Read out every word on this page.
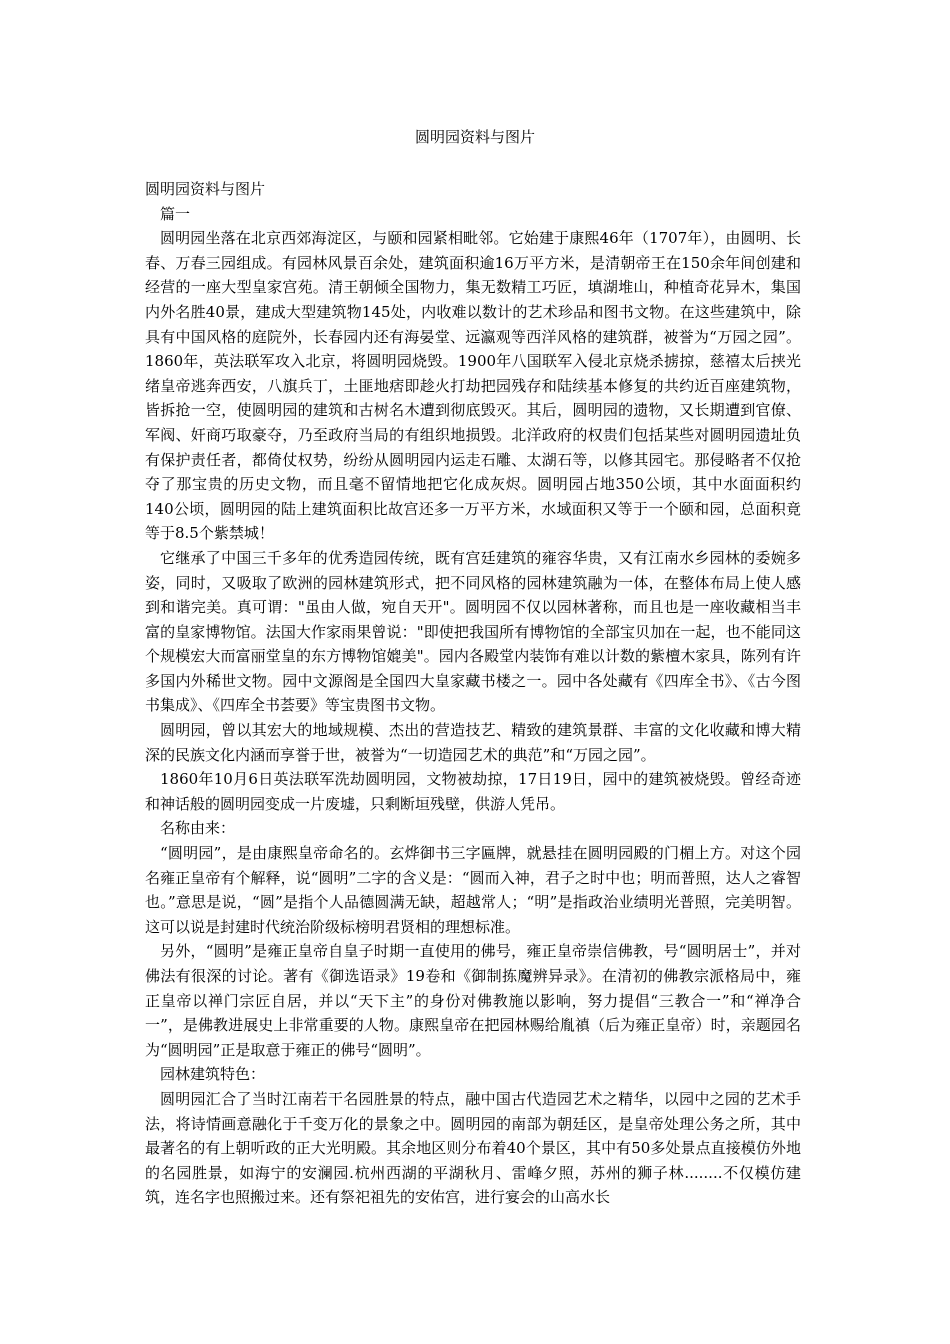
圆明园资料与图片

圆明园资料与图片

篇一

圆明园坐落在北京西郊海淀区，与颐和园紧相毗邻。它始建于康熙46年（1707年），由圆明、长春、万春三园组成。有园林风景百余处，建筑面积逾16万平方米，是清朝帝王在150余年间创建和经营的一座大型皇家宫苑。清王朝倾全国物力，集无数精工巧匠，填湖堆山，种植奇花异木，集国内外名胜40景，建成大型建筑物145处，内收难以数计的艺术珍品和图书文物。在这些建筑中，除具有中国风格的庭院外，长春园内还有海晏堂、远瀛观等西洋风格的建筑群，被誉为“万园之园”。1860年，英法联军攻入北京，将圆明园烧毁。1900年八国联军入侵北京烧杀掳掠，慈禧太后挟光绪皇帝逃奔西安，八旗兵丁，土匪地痞即趁火打劫把园残存和陆续基本修复的共约近百座建筑物，皆拆抢一空，使圆明园的建筑和古树名木遭到彻底毁灭。其后，圆明园的遗物，又长期遭到官僚、军阀、奸商巧取豪夺，乃至政府当局的有组织地损毁。北洋政府的权贵们包括某些对圆明园遗址负有保护责任者，都倚仗权势，纷纷从圆明园内运走石雕、太湖石等，以修其园宅。那侵略者不仅抢夺了那宝贵的历史文物，而且毫不留情地把它化成灰烬。圆明园占地350公顷，其中水面面积约140公顷，圆明园的陆上建筑面积比故宫还多一万平方米，水域面积又等于一个颐和园，总面积竟等于8.5个紫禁城！

它继承了中国三千多年的优秀造园传统，既有宫廷建筑的雍容华贵，又有江南水乡园林的委婉多姿，同时，又吸取了欧洲的园林建筑形式，把不同风格的园林建筑融为一体，在整体布局上使人感到和谐完美。真可谓："虽由人做，宛自天开"。圆明园不仅以园林著称，而且也是一座收藏相当丰富的皇家博物馆。法国大作家雨果曾说："即使把我国所有博物馆的全部宝贝加在一起，也不能同这个规模宏大而富丽堂皇的东方博物馆媲美"。园内各殿堂内装饰有难以计数的紫檀木家具，陈列有许多国内外稀世文物。园中文源阁是全国四大皇家藏书楼之一。园中各处藏有《四库全书》、《古今图书集成》、《四库全书荟要》等宝贵图书文物。

圆明园，曾以其宏大的地域规模、杰出的营造技艺、精致的建筑景群、丰富的文化收藏和博大精深的民族文化内涵而享誉于世，被誉为“一切造园艺术的典范”和“万园之园”。

1860年10月6日英法联军洗劫圆明园，文物被劫掠，17日19日，园中的建筑被烧毁。曾经奇迹和神话般的圆明园变成一片废墟，只剩断垣残壁，供游人凭吊。

名称由来：

“圆明园”，是由康熙皇帝命名的。玄烨御书三字匾牌，就悬挂在圆明园殿的门楣上方。对这个园名雍正皇帝有个解释，说“圆明”二字的含义是：“圆而入神，君子之时中也；明而普照，达人之睿智也。”意思是说，“圆”是指个人品德圆满无缺，超越常人；“明”是指政治业绩明光普照，完美明智。这可以说是封建时代统治阶级标榜明君贤相的理想标准。

另外，“圆明”是雍正皇帝自皇子时期一直使用的佛号，雍正皇帝崇信佛教，号“圆明居士”，并对佛法有很深的讨论。著有《御选语录》19卷和《御制拣魔辨异录》。在清初的佛教宗派格局中，雍正皇帝以禅门宗匠自居，并以“天下主”的身份对佛教施以影响，努力提倡“三教合一”和“禅净合一”，是佛教进展史上非常重要的人物。康熙皇帝在把园林赐给胤禛（后为雍正皇帝）时，亲题园名为“圆明园”正是取意于雍正的佛号“圆明”。

园林建筑特色：

圆明园汇合了当时江南若干名园胜景的特点，融中国古代造园艺术之精华，以园中之园的艺术手法，将诗情画意融化于千变万化的景象之中。圆明园的南部为朝廷区，是皇帝处理公务之所，其中最著名的有上朝听政的正大光明殿。其余地区则分布着40个景区，其中有50多处景点直接模仿外地的名园胜景，如海宁的安澜园.杭州西湖的平湖秋月、雷峰夕照，苏州的狮子林........不仅模仿建筑，连名字也照搬过来。还有祭祀祖先的安佑宫，进行宴会的山高水长
